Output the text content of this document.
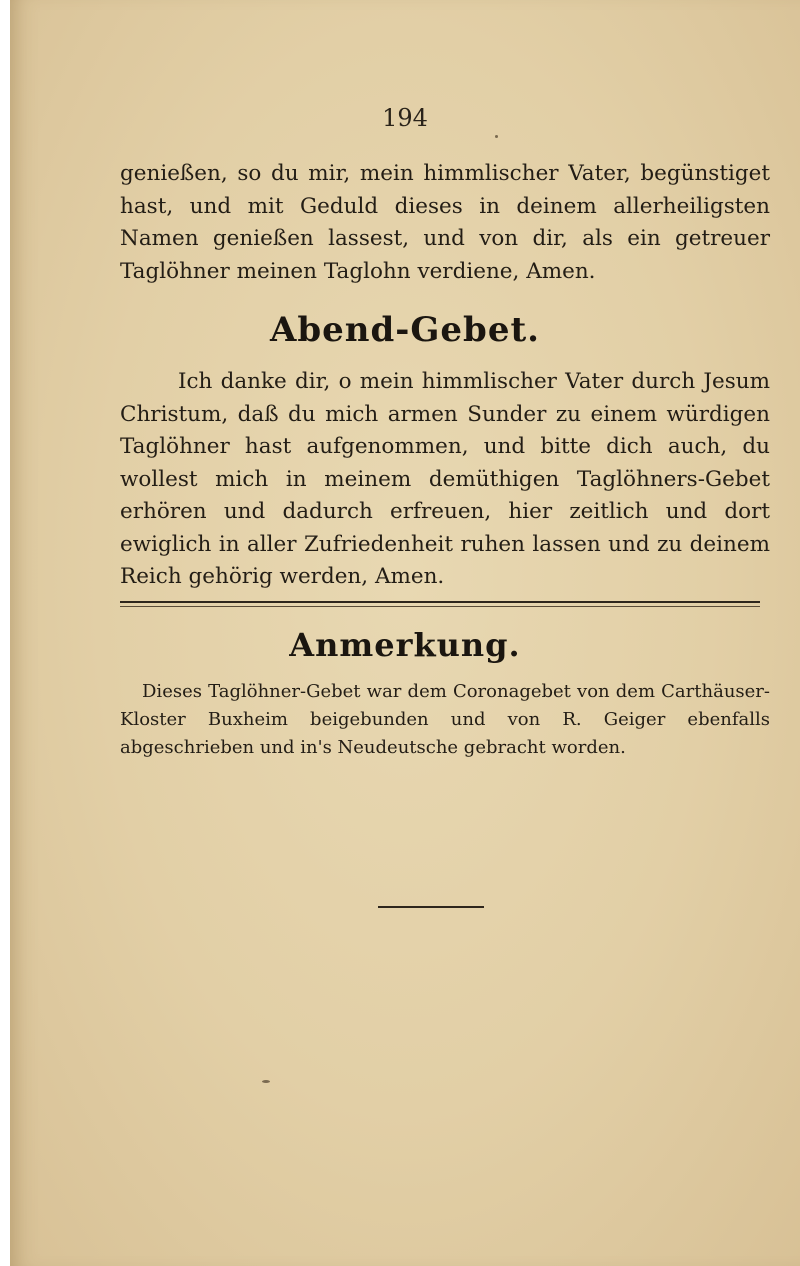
194

genießen, so du mir, mein himmlischer Vater, begünstiget hast, und mit Geduld dieses in deinem allerheiligsten Namen genießen lassest, und von dir, als ein getreuer Taglöhner meinen Taglohn verdiene, Amen.

Abend-Gebet.

Ich danke dir, o mein himmlischer Vater durch Jesum Christum, daß du mich armen Sunder zu einem würdigen Taglöhner hast aufgenommen, und bitte dich auch, du wollest mich in meinem demüthigen Taglöhners-Gebet erhören und dadurch erfreuen, hier zeitlich und dort ewiglich in aller Zufriedenheit ruhen lassen und zu deinem Reich gehörig werden, Amen.

Anmerkung.

Dieses Taglöhner-Gebet war dem Coronagebet von dem Carthäuser-Kloster Buxheim beigebunden und von R. Geiger ebenfalls abgeschrieben und in's Neudeutsche gebracht worden.
